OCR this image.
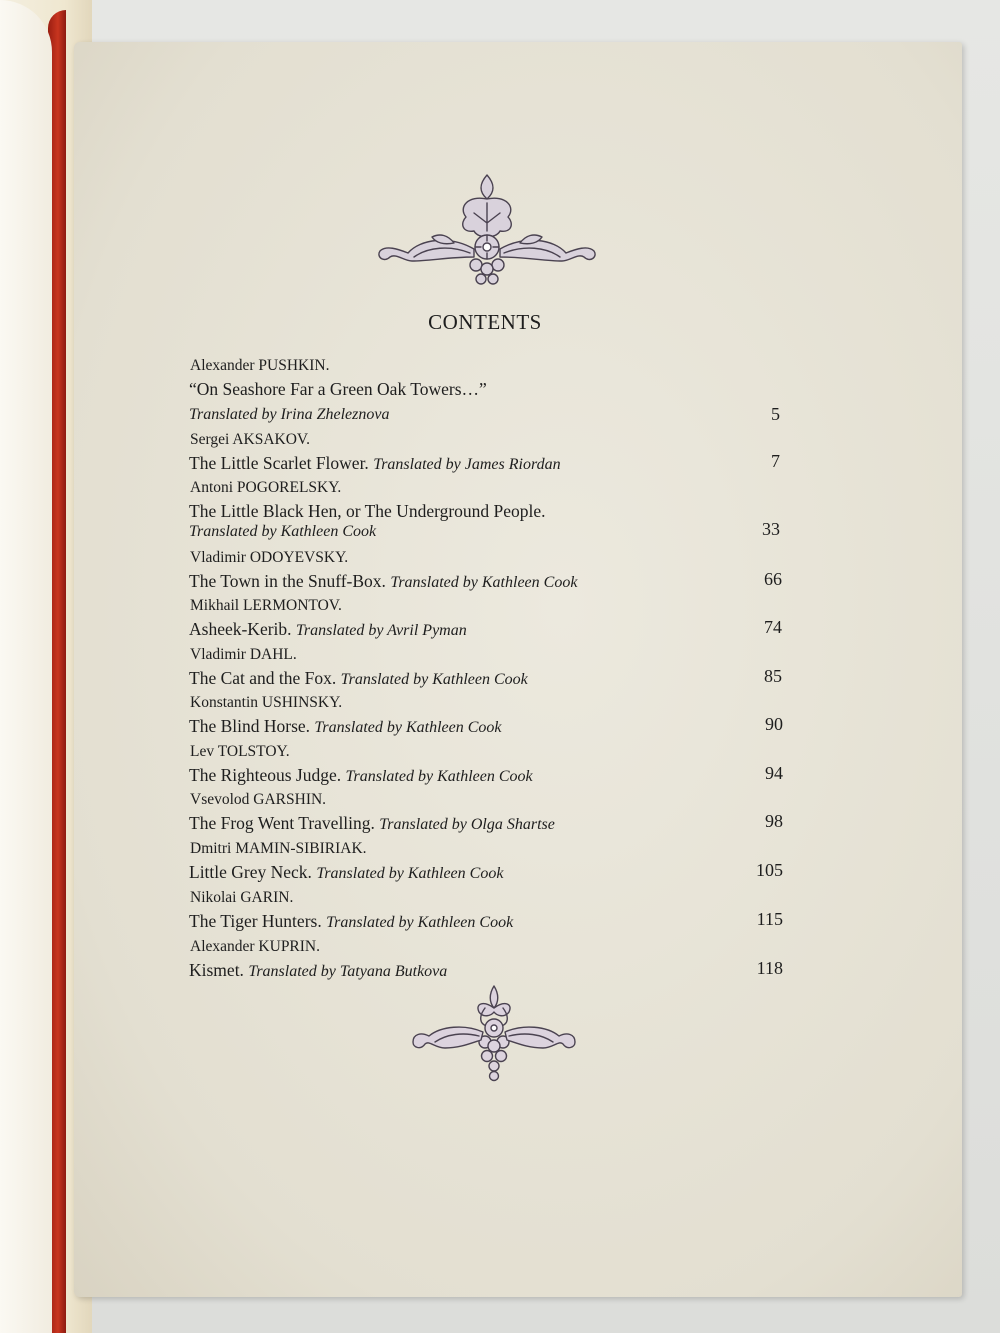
CONTENTS
Alexander PUSHKIN.
“On Seashore Far a Green Oak Towers…”
Translated by Irina Zheleznova	5
Sergei AKSAKOV.
The Little Scarlet Flower. Translated by James Riordan	7
Antoni POGORELSKY.
The Little Black Hen, or The Underground People.
Translated by Kathleen Cook	33
Vladimir ODOYEVSKY.
The Town in the Snuff-Box. Translated by Kathleen Cook	66
Mikhail LERMONTOV.
Asheek-Kerib. Translated by Avril Pyman	74
Vladimir DAHL.
The Cat and the Fox. Translated by Kathleen Cook	85
Konstantin USHINSKY.
The Blind Horse. Translated by Kathleen Cook	90
Lev TOLSTOY.
The Righteous Judge. Translated by Kathleen Cook	94
Vsevolod GARSHIN.
The Frog Went Travelling. Translated by Olga Shartse	98
Dmitri MAMIN-SIBIRIAK.
Little Grey Neck. Translated by Kathleen Cook	105
Nikolai GARIN.
The Tiger Hunters. Translated by Kathleen Cook	115
Alexander KUPRIN.
Kismet. Translated by Tatyana Butkova	118
